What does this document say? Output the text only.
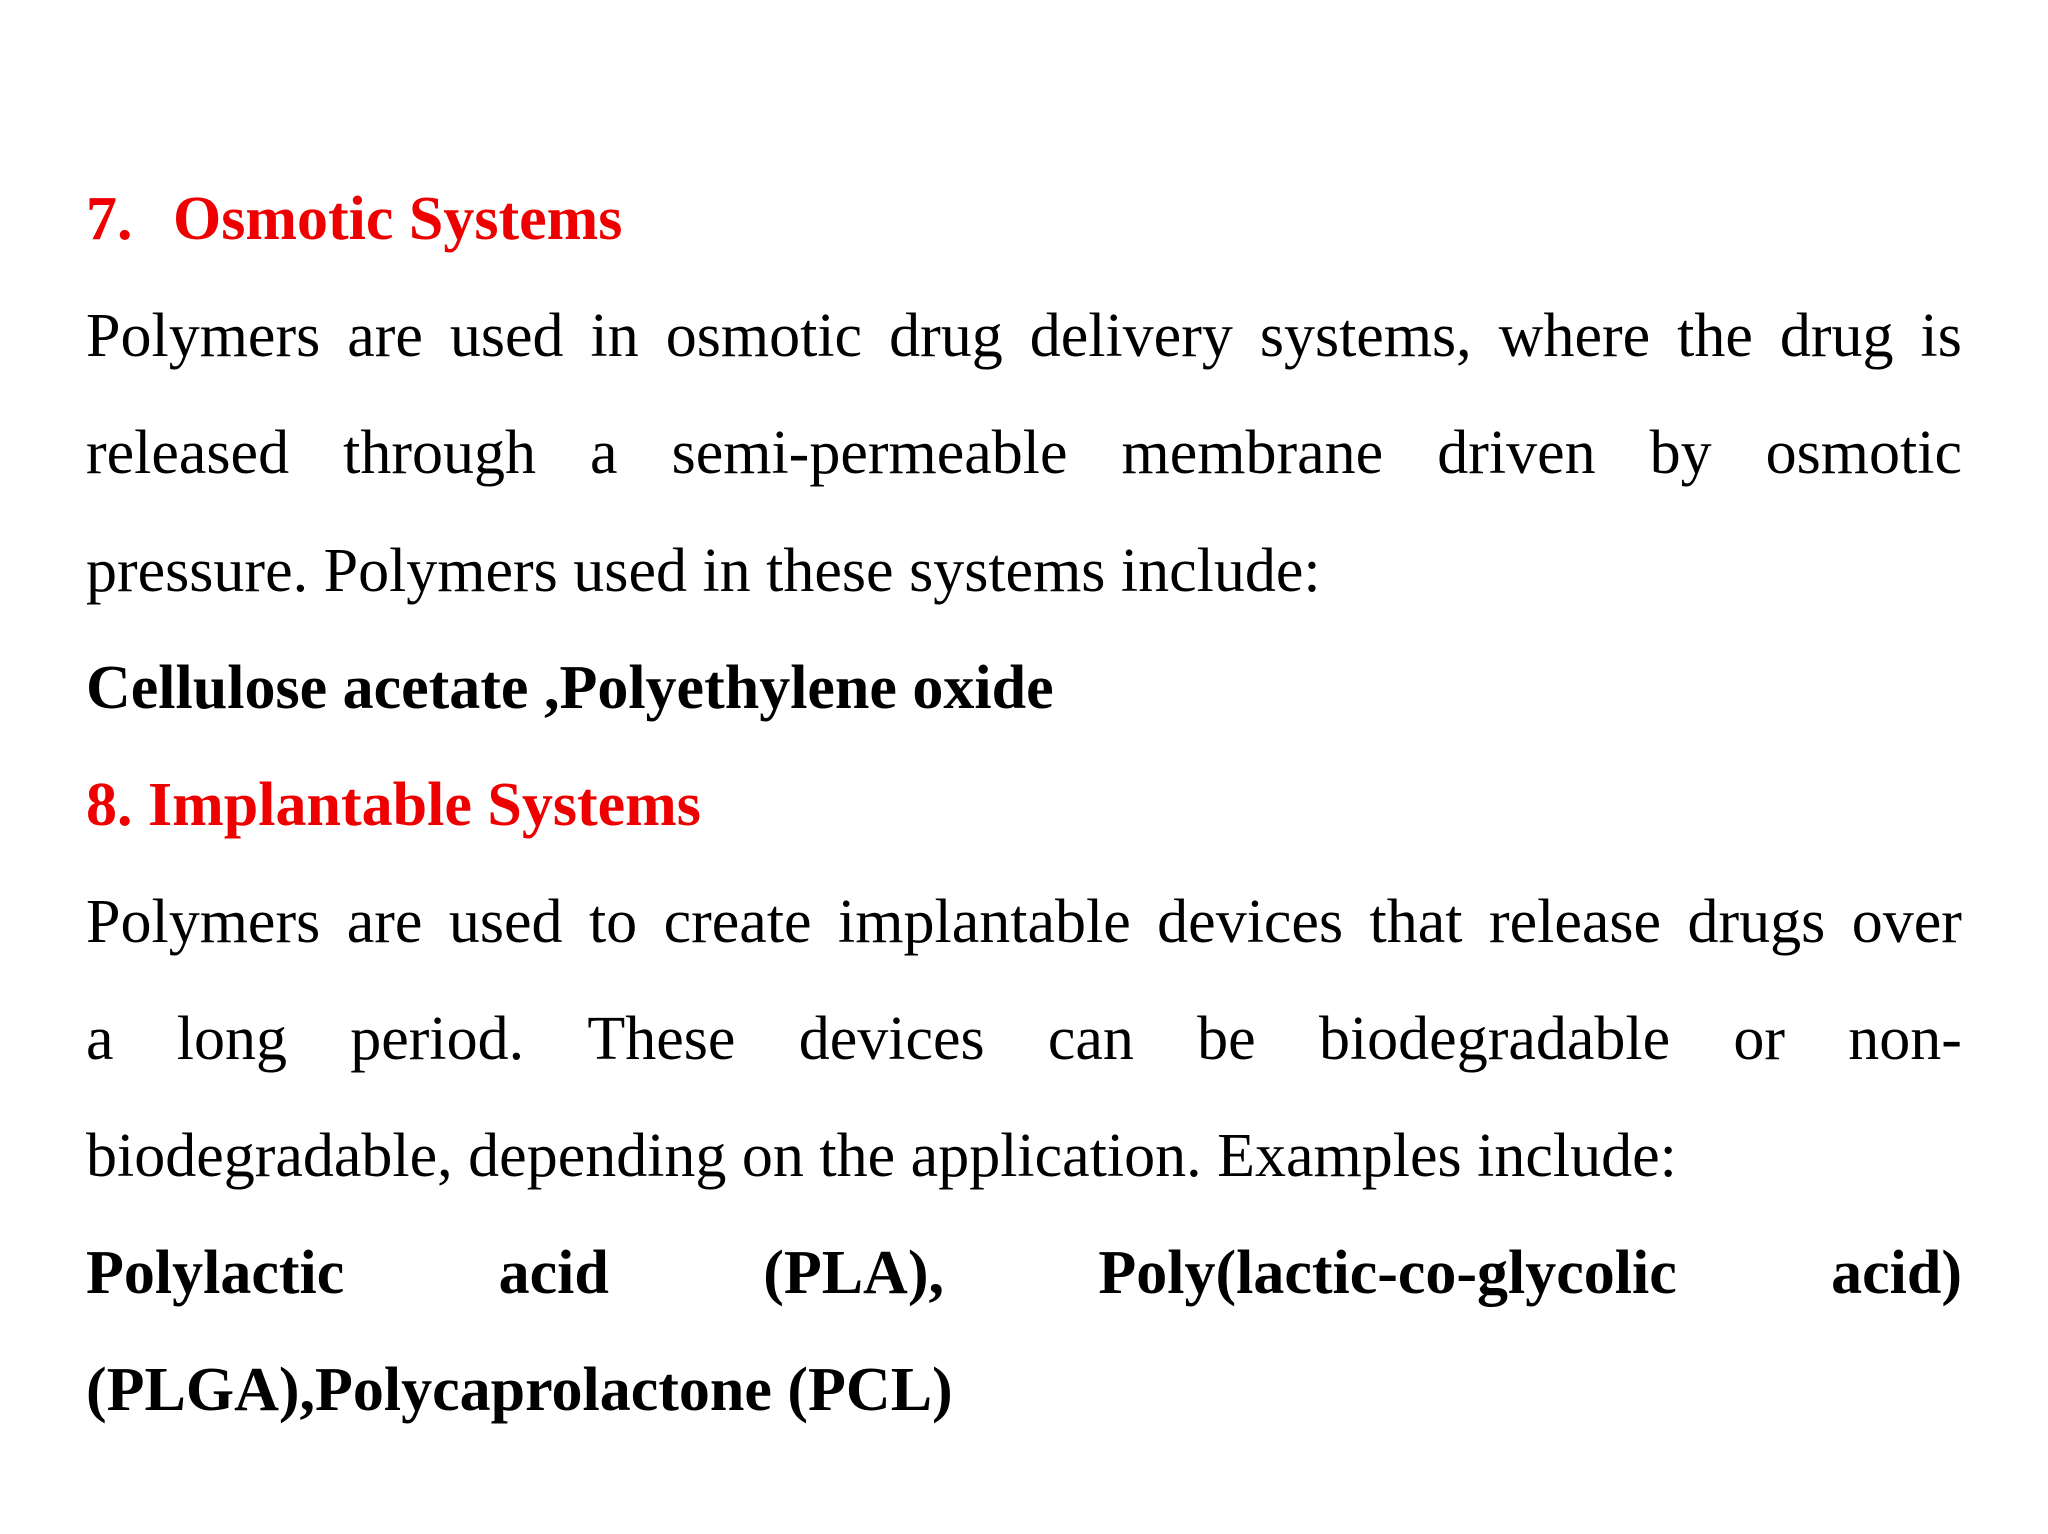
7. Osmotic Systems
Polymers are used in osmotic drug delivery systems, where the drug is
released through a semi-permeable membrane driven by osmotic
pressure. Polymers used in these systems include:
Cellulose acetate ,Polyethylene oxide
8. Implantable Systems
Polymers are used to create implantable devices that release drugs over
a long period. These devices can be biodegradable or non-
biodegradable, depending on the application. Examples include:
Polylactic acid (PLA), Poly(lactic-co-glycolic acid)
(PLGA),Polycaprolactone (PCL)
